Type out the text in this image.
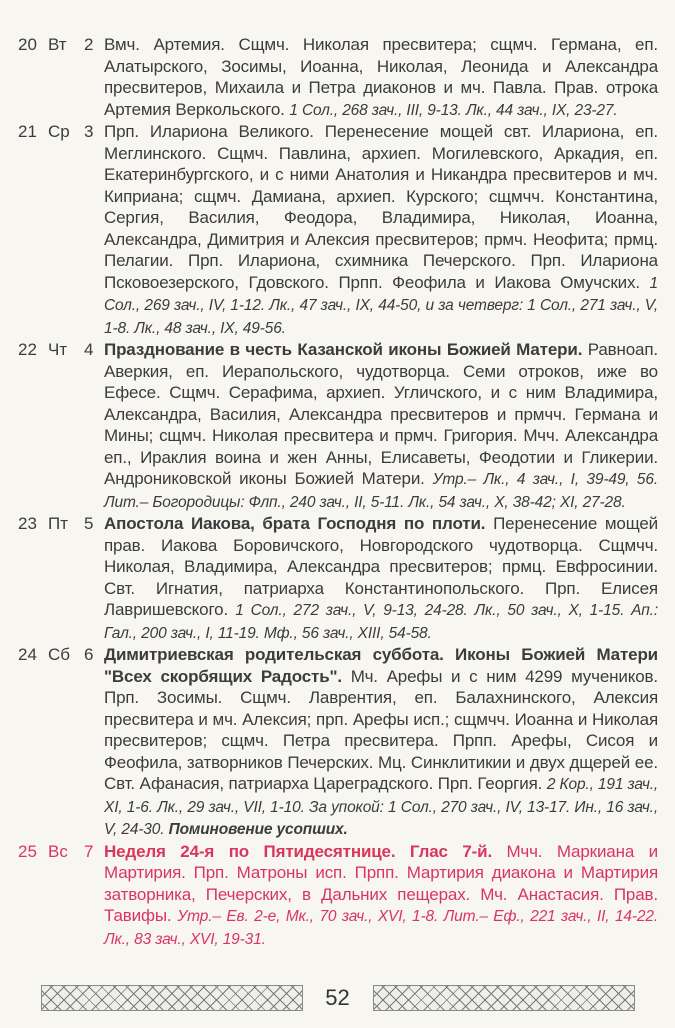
20 Вт	2 Вмч. Артемия. Сщмч. Николая пресвитера; сщмч. Германа, еп. Алатырского, Зосимы, Иоанна, Николая, Леонида и Александра пресвитеров, Михаила и Петра диаконов и мч. Павла. Прав. отрока Артемия Веркольского. 1 Сол., 268 зач., III, 9-13. Лк., 44 зач., IX, 23-27.
21 Ср 3 Прп. Илариона Великого. Перенесение мощей свт. Илариона, еп. Меглинского. Сщмч. Павлина, архиеп. Могилевского, Аркадия, еп. Екатеринбургского, и с ними Анатолия и Никандра пресвитеров и мч. Киприана; сщмч. Дамиана, архиеп. Курского; сщмчч. Константина, Сергия, Василия, Феодора, Владимира, Николая, Иоанна, Александра, Димитрия и Алексия пресвитеров; прмч. Неофита; прмц. Пелагии. Прп. Илариона, схимника Печерского. Прп. Илариона Псковоезерского, Гдовского. Прпп. Феофила и Иакова Омучских. 1 Сол., 269 зач., IV, 1-12. Лк., 47 зач., IX, 44-50, и за четверг: 1 Сол., 271 зач., V, 1-8. Лк., 48 зач., IX, 49-56.
22 Чт 4 Празднование в честь Казанской иконы Божией Матери. Равноап. Аверкия, еп. Иерапольского, чудотворца. Семи отроков, иже во Ефесе. Сщмч. Серафима, архиеп. Угличского, и с ним Владимира, Александра, Василия, Александра пресвитеров и прмчч. Германа и Мины; сщмч. Николая пресвитера и прмч. Григория. Мчч. Александра еп., Ираклия воина и жен Анны, Елисаветы, Феодотии и Гликерии. Андрониковской иконы Божией Матери. Утр.– Лк., 4 зач., I, 39-49, 56. Лит.– Богородицы: Флп., 240 зач., II, 5-11. Лк., 54 зач., X, 38-42; XI, 27-28.
23 Пт 5 Апостола Иакова, брата Господня по плоти. Перенесение мощей прав. Иакова Боровичского, Новгородского чудотворца. Сщмчч. Николая, Владимира, Александра пресвитеров; прмц. Евфросинии. Свт. Игнатия, патриарха Константинопольского. Прп. Елисея Лавришевского. 1 Сол., 272 зач., V, 9-13, 24-28. Лк., 50 зач., X, 1-15. Ап.: Гал., 200 зач., I, 11-19. Мф., 56 зач., XIII, 54-58.
24 Сб 6 Димитриевская родительская суббота. Иконы Божией Матери "Всех скорбящих Радость". Мч. Арефы и с ним 4299 мучеников. Прп. Зосимы. Сщмч. Лаврентия, еп. Балахнинского, Алексия пресвитера и мч. Алексия; прп. Арефы исп.; сщмчч. Иоанна и Николая пресвитеров; сщмч. Петра пресвитера. Прпп. Арефы, Сисоя и Феофила, затворников Печерских. Мц. Синклитикии и двух дщерей ее. Свт. Афанасия, патриарха Цареградского. Прп. Георгия. 2 Кор., 191 зач., XI, 1-6. Лк., 29 зач., VII, 1-10. За упокой: 1 Сол., 270 зач., IV, 13-17. Ин., 16 зач., V, 24-30. Поминовение усопших.
25 Вс 7 Неделя 24-я по Пятидесятнице. Глас 7-й. Мчч. Маркиана и Мартирия. Прп. Матроны исп. Прпп. Мартирия диакона и Мартирия затворника, Печерских, в Дальних пещерах. Мч. Анастасия. Прав. Тавифы. Утр.– Ев. 2-е, Мк., 70 зач., XVI, 1-8. Лит.– Еф., 221 зач., II, 14-22. Лк., 83 зач., XVI, 19-31.
52
